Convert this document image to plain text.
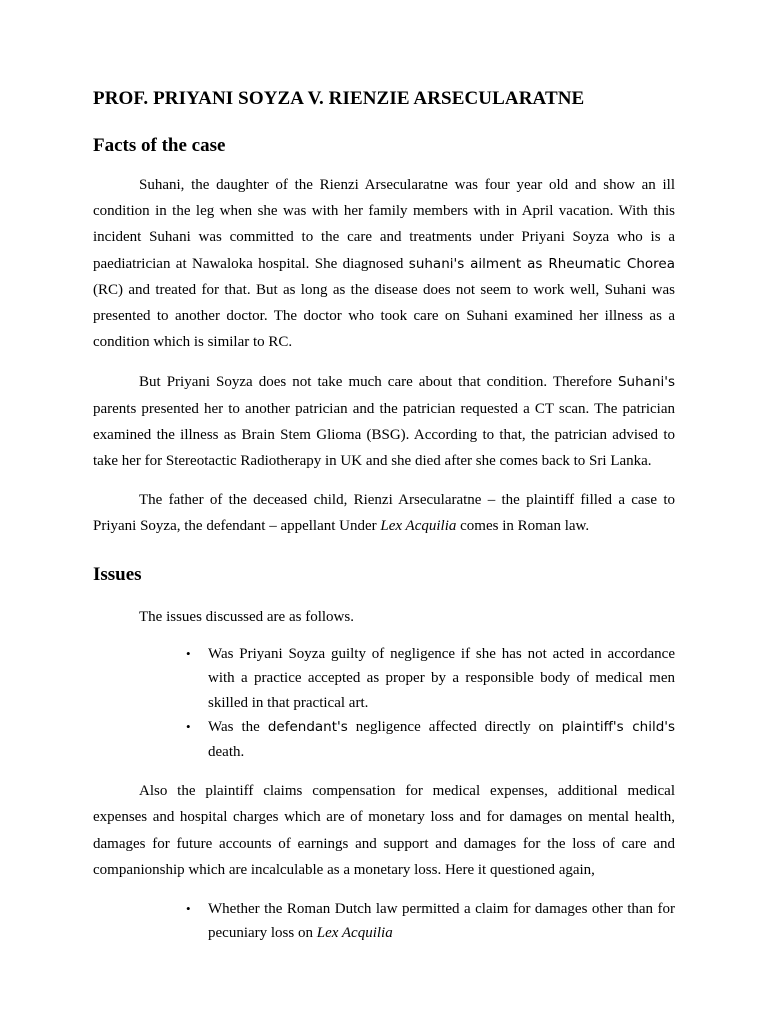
PROF. PRIYANI SOYZA V. RIENZIE ARSECULARATNE
Facts of the case

Suhani, the daughter of the Rienzi Arsecularatne was four year old and show an ill condition in the leg when she was with her family members with in April vacation. With this incident Suhani was committed to the care and treatments under Priyani Soyza who is a paediatrician at Nawaloka hospital. She diagnosed suhani's ailment as Rheumatic Chorea (RC) and treated for that. But as long as the disease does not seem to work well, Suhani was presented to another doctor. The doctor who took care on Suhani examined her illness as a condition which is similar to RC.

But Priyani Soyza does not take much care about that condition. Therefore Suhani's parents presented her to another patrician and the patrician requested a CT scan. The patrician examined the illness as Brain Stem Glioma (BSG). According to that, the patrician advised to take her for Stereotactic Radiotherapy in UK and she died after she comes back to Sri Lanka.

The father of the deceased child, Rienzi Arsecularatne – the plaintiff filled a case to Priyani Soyza, the defendant – appellant Under Lex Acquilia comes in Roman law.

Issues

The issues discussed are as follows.

• Was Priyani Soyza guilty of negligence if she has not acted in accordance with a practice accepted as proper by a responsible body of medical men skilled in that practical art.
• Was the defendant's negligence affected directly on plaintiff's child's death.

Also the plaintiff claims compensation for medical expenses, additional medical expenses and hospital charges which are of monetary loss and for damages on mental health, damages for future accounts of earnings and support and damages for the loss of care and companionship which are incalculable as a monetary loss. Here it questioned again,

• Whether the Roman Dutch law permitted a claim for damages other than for pecuniary loss on Lex Acquilia
